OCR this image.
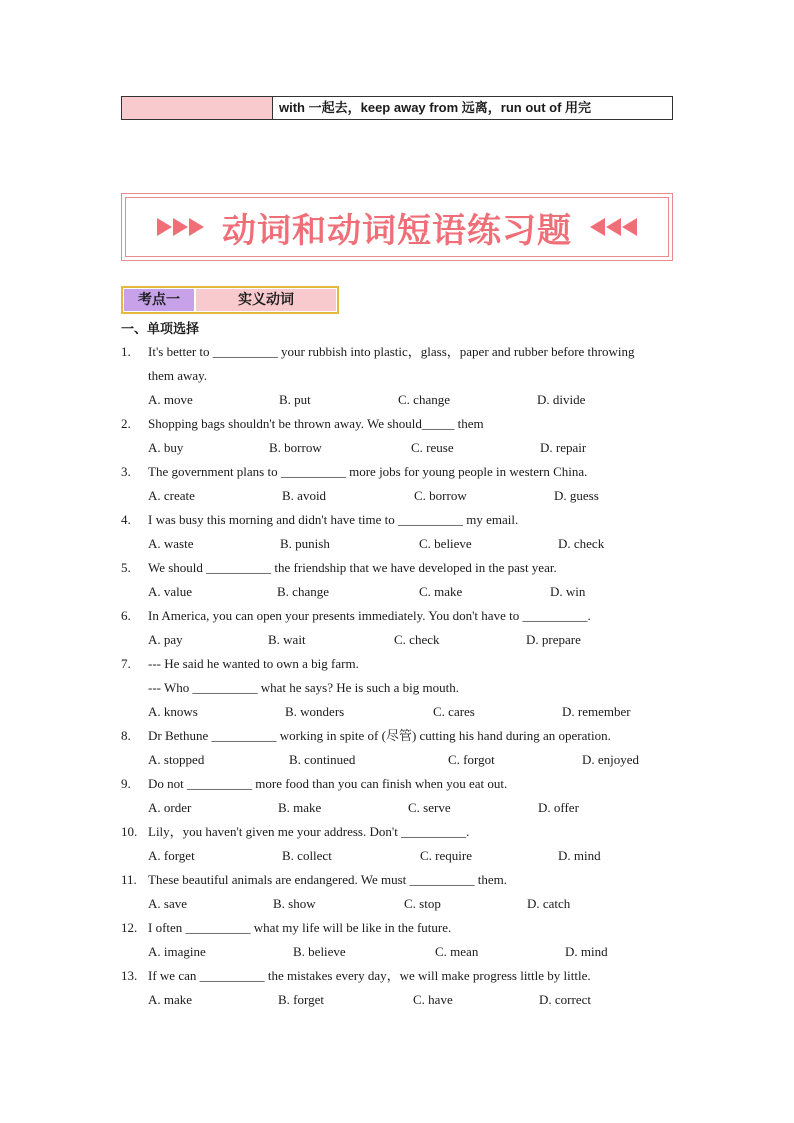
with 一起去，keep away from 远离，run out of 用完
动词和动词短语练习题
考点一	实义动词
一、单项选择
1. It's better to __________ your rubbish into plastic，glass，paper and rubber before throwing
them away.
A. move	B. put	C. change	D. divide
2. Shopping bags shouldn't be thrown away. We should_____ them
A. buy	B. borrow	C. reuse	D. repair
3. The government plans to __________ more jobs for young people in western China.
A. create	B. avoid	C. borrow	D. guess
4. I was busy this morning and didn't have time to __________ my email.
A. waste	B. punish	C. believe	D. check
5. We should __________ the friendship that we have developed in the past year.
A. value	B. change	C. make	D. win
6. In America, you can open your presents immediately. You don't have to __________.
A. pay	B. wait	C. check	D. prepare
7. --- He said he wanted to own a big farm.
--- Who __________ what he says? He is such a big mouth.
A. knows	B. wonders	C. cares	D. remember
8. Dr Bethune __________ working in spite of (尽管) cutting his hand during an operation.
A. stopped	B. continued	C. forgot	D. enjoyed
9. Do not __________ more food than you can finish when you eat out.
A. order	B. make	C. serve	D. offer
10. Lily，you haven't given me your address. Don't __________.
A. forget	B. collect	C. require	D. mind
11. These beautiful animals are endangered. We must __________ them.
A. save	B. show	C. stop	D. catch
12. I often __________ what my life will be like in the future.
A. imagine	B. believe	C. mean	D. mind
13. If we can __________ the mistakes every day，we will make progress little by little.
A. make	B. forget	C. have	D. correct
